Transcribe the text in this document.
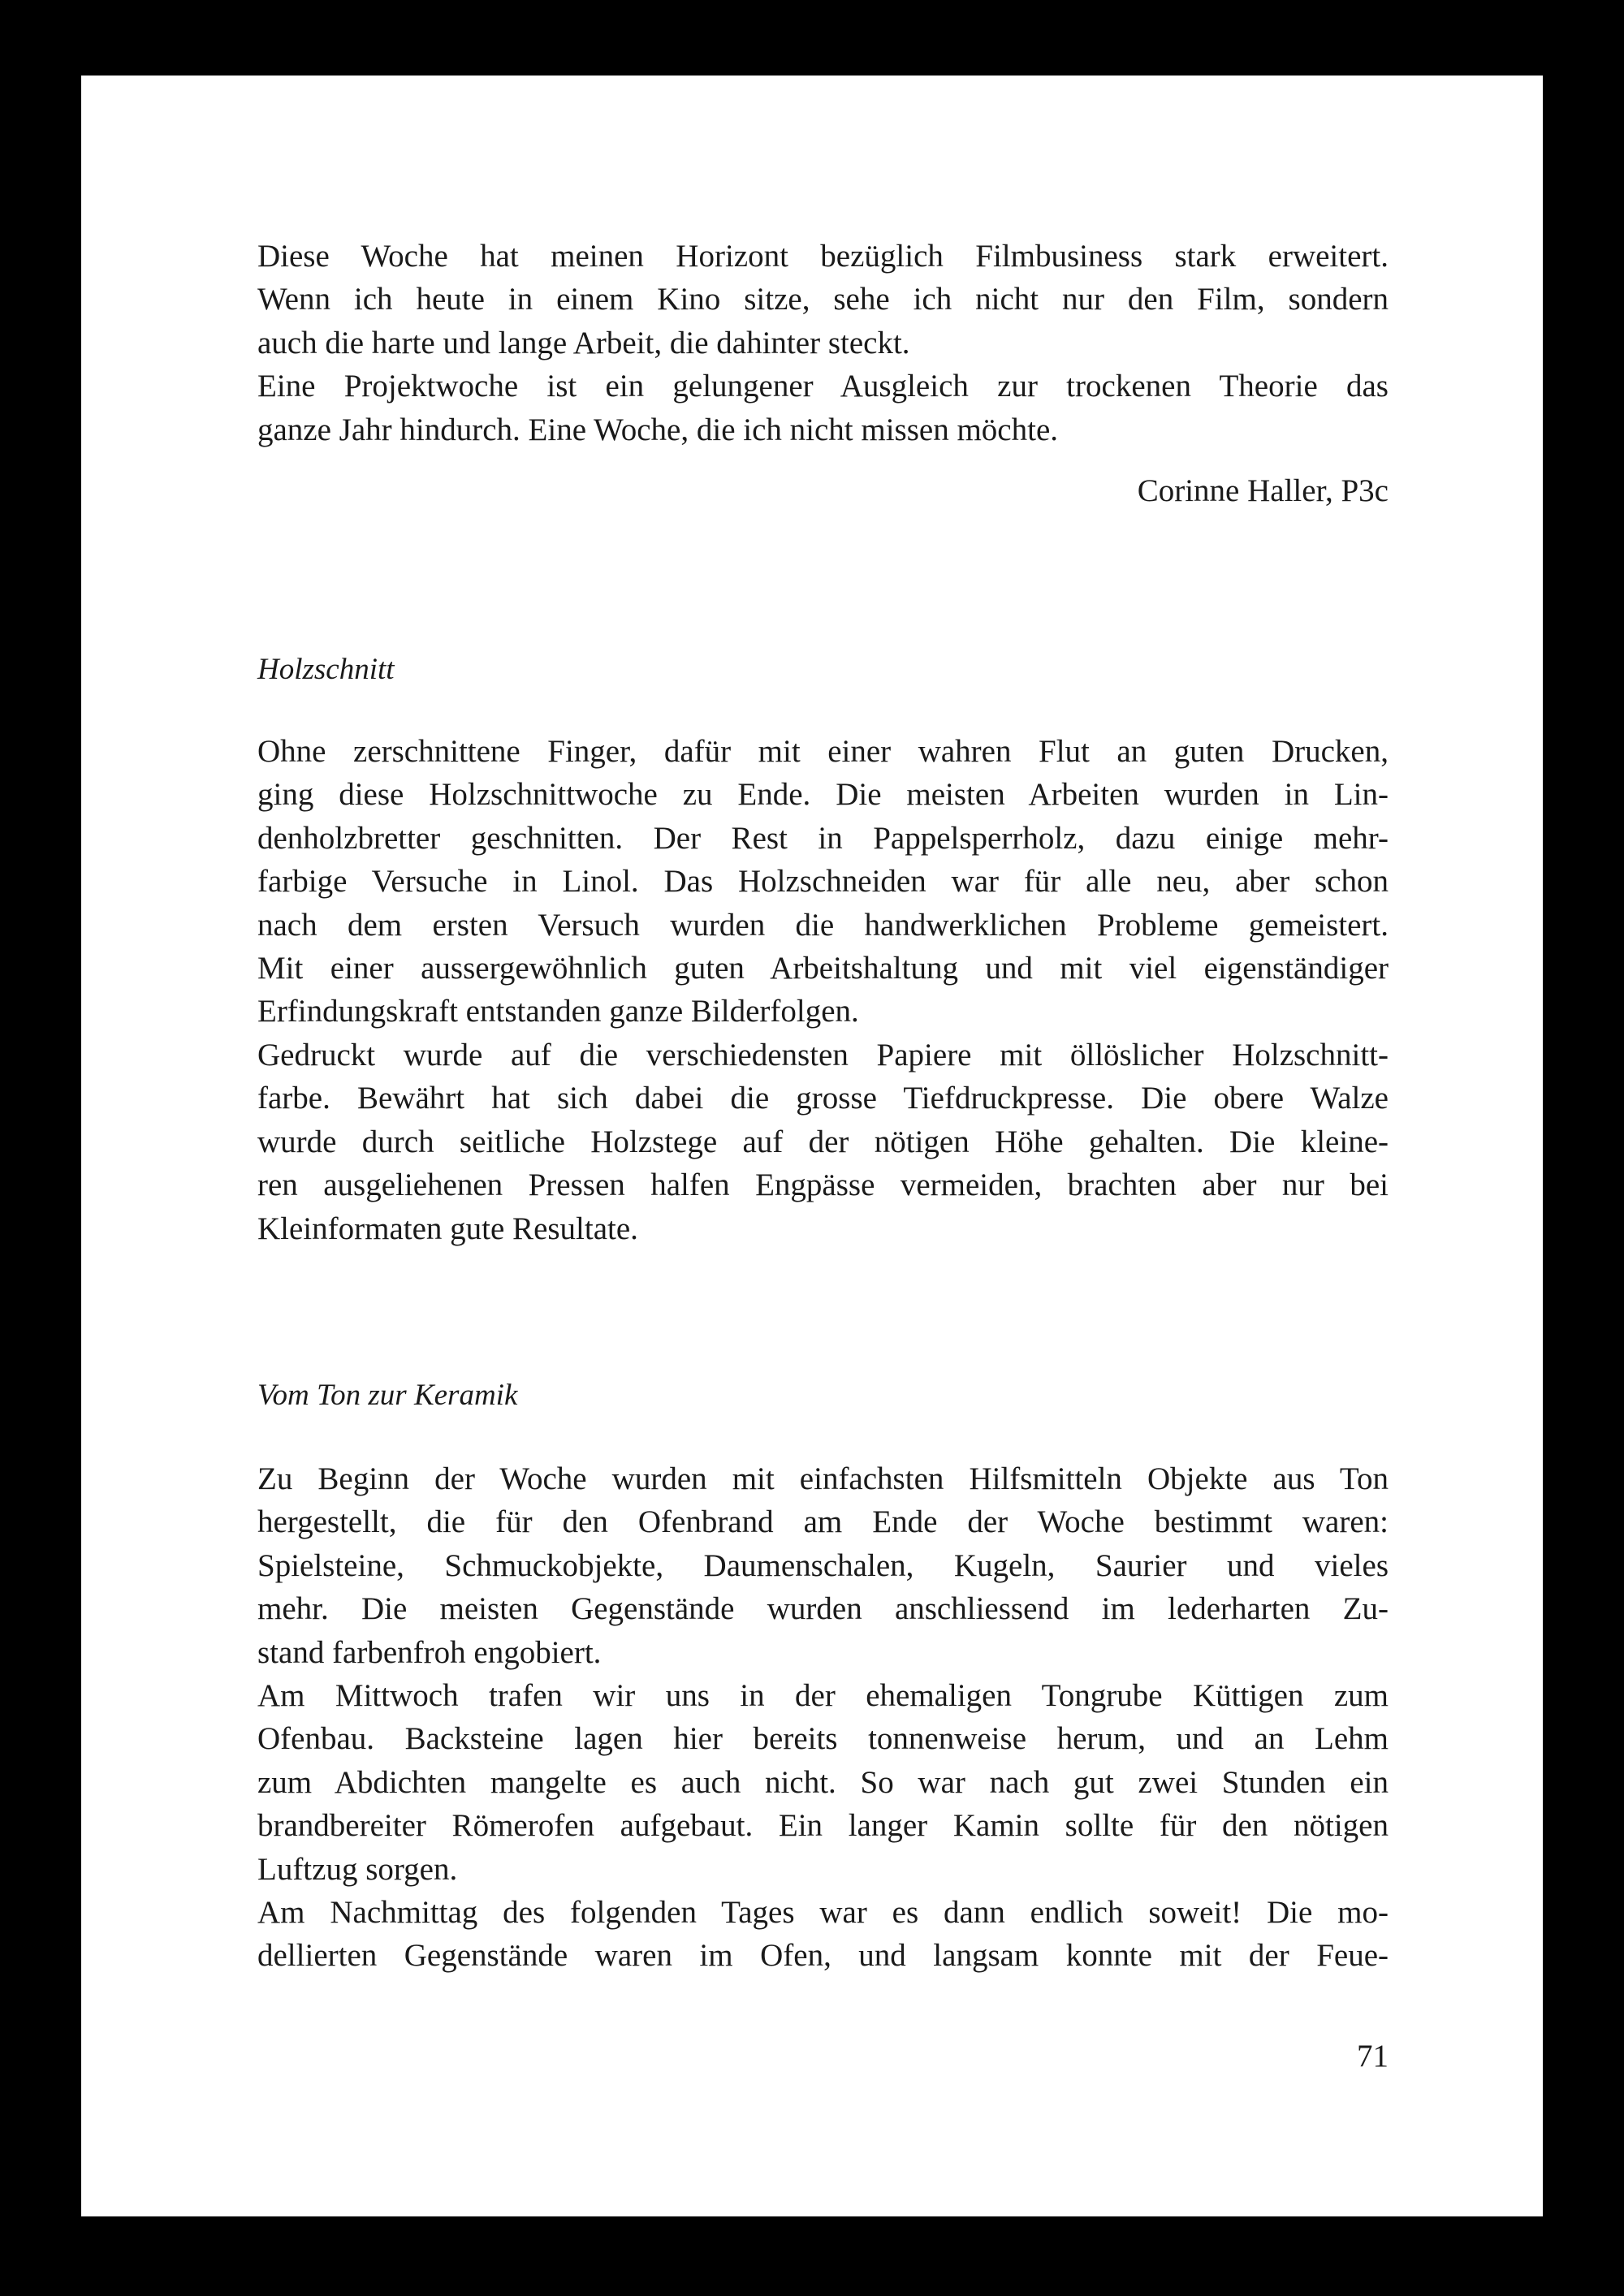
Diese Woche hat meinen Horizont bezüglich Filmbusiness stark erweitert.
Wenn ich heute in einem Kino sitze, sehe ich nicht nur den Film, sondern
auch die harte und lange Arbeit, die dahinter steckt.
Eine Projektwoche ist ein gelungener Ausgleich zur trockenen Theorie das
ganze Jahr hindurch. Eine Woche, die ich nicht missen möchte.

Corinne Haller, P3c

Holzschnitt

Ohne zerschnittene Finger, dafür mit einer wahren Flut an guten Drucken,
ging diese Holzschnittwoche zu Ende. Die meisten Arbeiten wurden in Lin-
denholzbretter geschnitten. Der Rest in Pappelsperrholz, dazu einige mehr-
farbige Versuche in Linol. Das Holzschneiden war für alle neu, aber schon
nach dem ersten Versuch wurden die handwerklichen Probleme gemeistert.
Mit einer aussergewöhnlich guten Arbeitshaltung und mit viel eigenständiger
Erfindungskraft entstanden ganze Bilderfolgen.
Gedruckt wurde auf die verschiedensten Papiere mit öllöslicher Holzschnitt-
farbe. Bewährt hat sich dabei die grosse Tiefdruckpresse. Die obere Walze
wurde durch seitliche Holzstege auf der nötigen Höhe gehalten. Die kleine-
ren ausgeliehenen Pressen halfen Engpässe vermeiden, brachten aber nur bei
Kleinformaten gute Resultate.

Vom Ton zur Keramik

Zu Beginn der Woche wurden mit einfachsten Hilfsmitteln Objekte aus Ton
hergestellt, die für den Ofenbrand am Ende der Woche bestimmt waren:
Spielsteine, Schmuckobjekte, Daumenschalen, Kugeln, Saurier und vieles
mehr. Die meisten Gegenstände wurden anschliessend im lederharten Zu-
stand farbenfroh engobiert.
Am Mittwoch trafen wir uns in der ehemaligen Tongrube Küttigen zum
Ofenbau. Backsteine lagen hier bereits tonnenweise herum, und an Lehm
zum Abdichten mangelte es auch nicht. So war nach gut zwei Stunden ein
brandbereiter Römerofen aufgebaut. Ein langer Kamin sollte für den nötigen
Luftzug sorgen.
Am Nachmittag des folgenden Tages war es dann endlich soweit! Die mo-
dellierten Gegenstände waren im Ofen, und langsam konnte mit der Feue-
71
